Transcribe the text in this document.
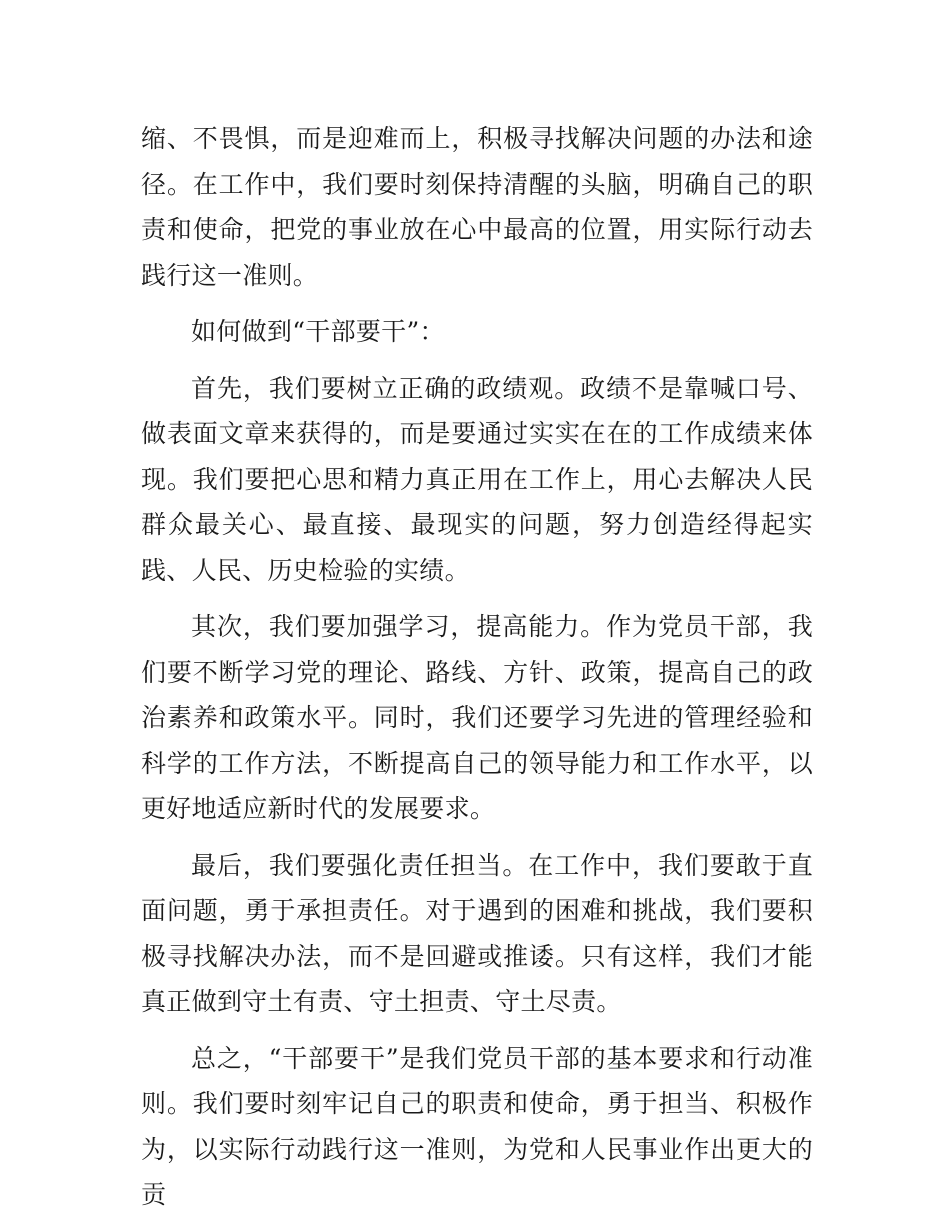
缩、不畏惧，而是迎难而上，积极寻找解决问题的办法和途径。在工作中，我们要时刻保持清醒的头脑，明确自己的职责和使命，把党的事业放在心中最高的位置，用实际行动去践行这一准则。

如何做到“干部要干”：

首先，我们要树立正确的政绩观。政绩不是靠喊口号、做表面文章来获得的，而是要通过实实在在的工作成绩来体现。我们要把心思和精力真正用在工作上，用心去解决人民群众最关心、最直接、最现实的问题，努力创造经得起实践、人民、历史检验的实绩。

其次，我们要加强学习，提高能力。作为党员干部，我们要不断学习党的理论、路线、方针、政策，提高自己的政治素养和政策水平。同时，我们还要学习先进的管理经验和科学的工作方法，不断提高自己的领导能力和工作水平，以更好地适应新时代的发展要求。

最后，我们要强化责任担当。在工作中，我们要敢于直面问题，勇于承担责任。对于遇到的困难和挑战，我们要积极寻找解决办法，而不是回避或推诿。只有这样，我们才能真正做到守土有责、守土担责、守土尽责。

总之，“干部要干”是我们党员干部的基本要求和行动准则。我们要时刻牢记自己的职责和使命，勇于担当、积极作为，以实际行动践行这一准则，为党和人民事业作出更大的贡
